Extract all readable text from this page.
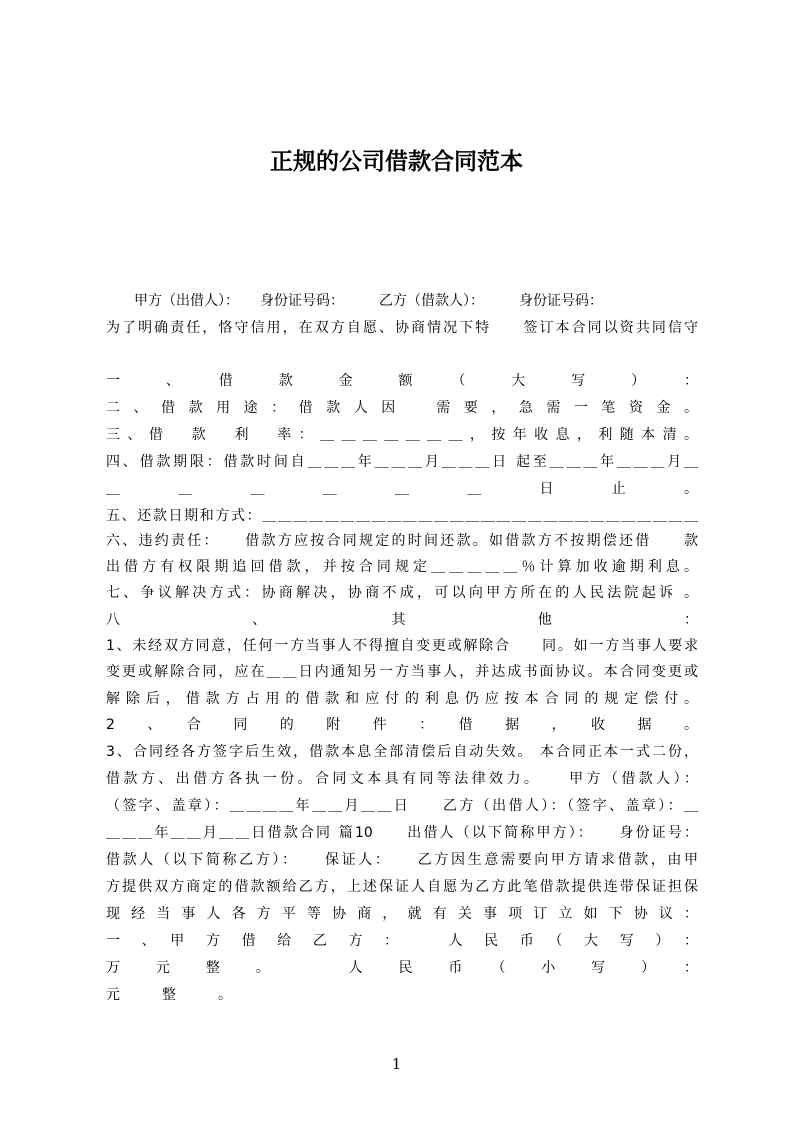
正规的公司借款合同范本
　　甲方（出借人）：　　身份证号码：　　　乙方（借款人）：　　　身份证号码：
为了明确责任，恪守信用，在双方自愿、协商情况下特　　签订本合同以资共同信守
一　、　借　款　金　额　（　大　写　）　：
二、借款用途：借款人因　需要，急需一笔资金。
三、借　款　利　率：＿＿＿＿＿＿＿，按年收息，利随本清。
四、借款期限：借款时间自＿＿＿年＿＿＿月＿＿＿日 起至＿＿＿年＿＿＿月＿
＿　＿　＿　＿　＿　＿　日　止　。
五、还款日期和方式：＿＿＿＿＿＿＿＿＿＿＿＿＿＿＿＿＿＿＿＿＿＿＿＿＿＿＿＿
六、违约责任：　　借款方应按合同规定的时间还款。如借款方不按期偿还借　　款
出借方有权限期追回借款，并按合同规定＿＿＿＿＿％计算加收逾期利息。
七、争议解决方式：协商解决，协商不成，可以向甲方所在的人民法院起诉 。
八　、　其　他　：
1、未经双方同意，任何一方当事人不得擅自变更或解除合　　同。如一方当事人要求
变更或解除合同，应在＿＿日内通知另一方当事人，并达成书面协议。本合同变更或
解除后，借款方占用的借款和应付的利息仍应按本合同的规定偿付。
2　、　合　同　的　附　件　：　借　据　，　收　据　。
3、合同经各方签字后生效，借款本息全部清偿后自动失效。 本合同正本一式二份，
借款方、出借方各执一份。合同文本具有同等法律效力。　　甲方（借款人）：
（签字、盖章）：＿＿＿＿年＿＿月＿＿日　　乙方（出借人）：（签字、盖章）：＿
＿＿＿年＿＿月＿＿日借款合同 篇10　　出借人（以下简称甲方）：　　身份证号：
借款人（以下简称乙方）：　　保证人：　　乙方因生意需要向甲方请求借款，由甲
方提供双方商定的借款额给乙方，上述保证人自愿为乙方此笔借款提供连带保证担保
现经当事人各方平等协商，就有关事项订立如下协议：
一　、　甲　方　借　给　乙　方　：　　　人　民　币　（　大　写　）　：
万　元　整　。　　　人　民　币　（　小　写　）　：
元　　　整　　　。
1
